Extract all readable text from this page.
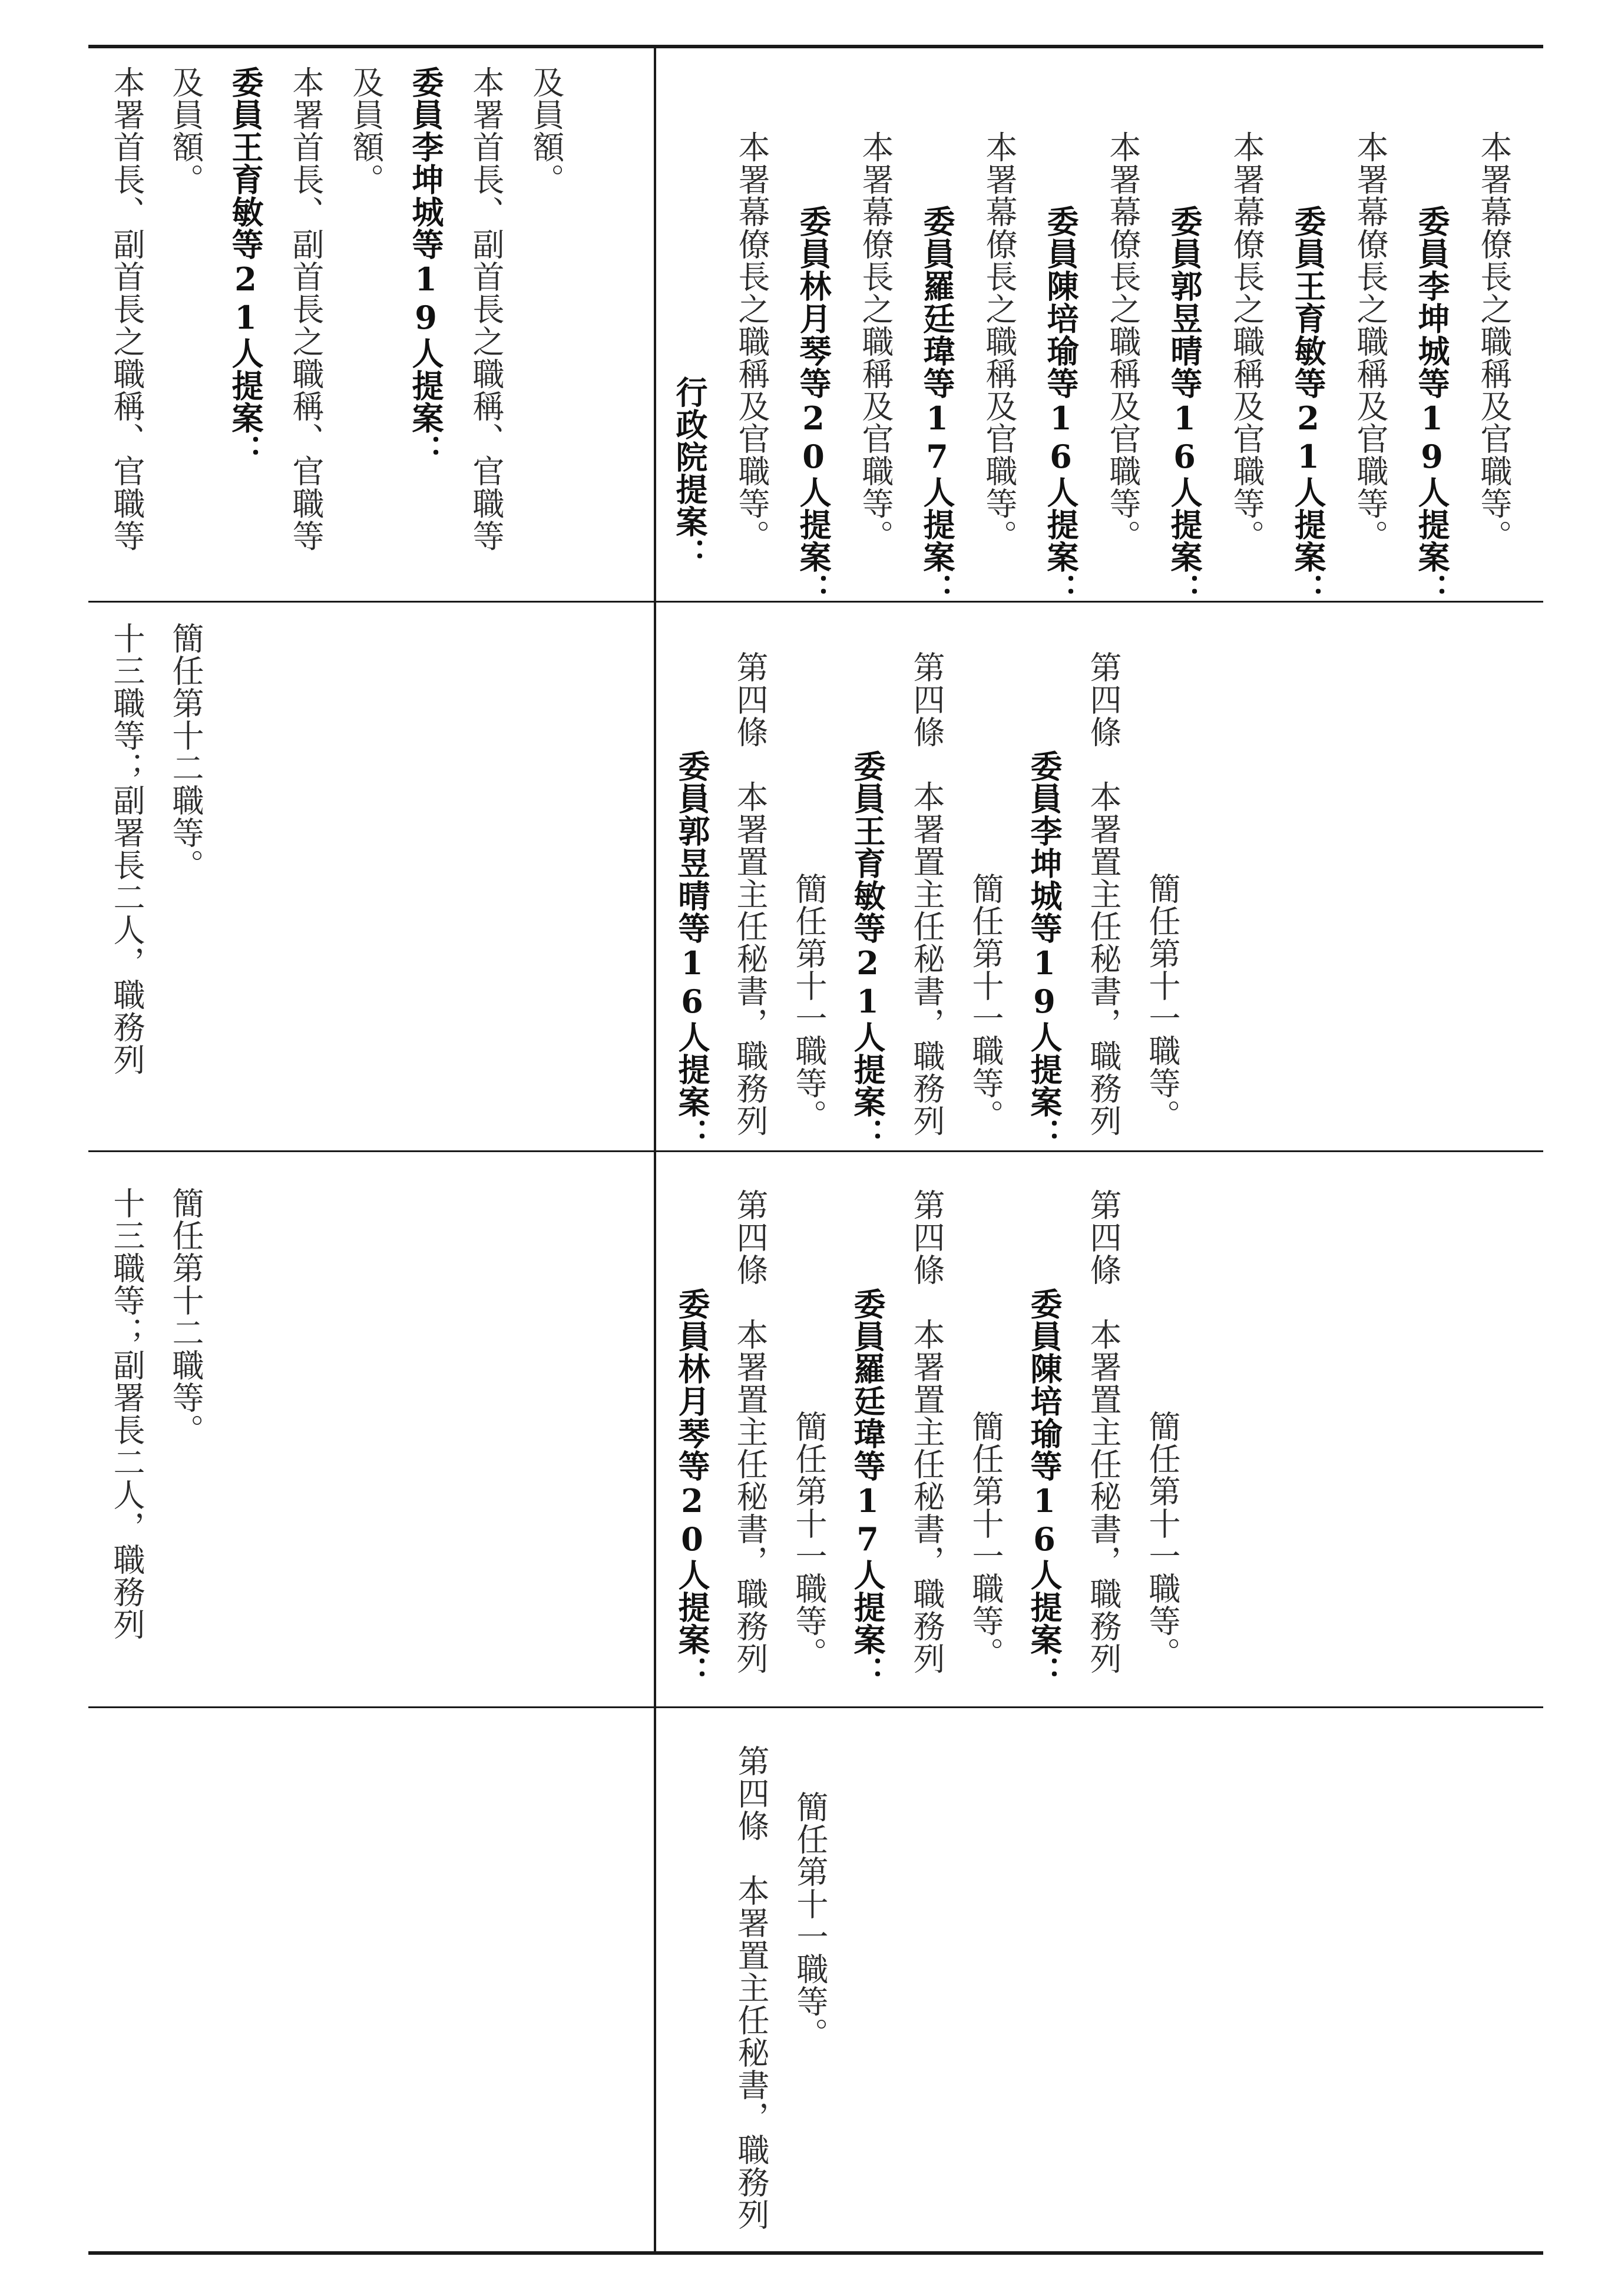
十三職等；副署長二人，職務列 簡任第十二職等。
十三職等；副署長二人，職務列 簡任第十二職等。
本署首長、副首長之職稱、官職等 及員額。 委員王育敏等21人提案： 本署首長、副首長之職稱、官職等 及員額。 委員李坤城等19人提案： 本署首長、副首長之職稱、官職等 及員額。
第四條　本署置主任秘書，職務列 簡任第十一職等。
委員林月琴等20人提案： 第四條　本署置主任秘書，職務列 簡任第十一職等。 委員羅廷瑋等17人提案： 第四條　本署置主任秘書，職務列 簡任第十一職等。 委員陳培瑜等16人提案： 第四條　本署置主任秘書，職務列 簡任第十一職等。
委員郭昱晴等16人提案： 第四條　本署置主任秘書，職務列 簡任第十一職等。 委員王育敏等21人提案： 第四條　本署置主任秘書，職務列 簡任第十一職等。 委員李坤城等19人提案： 第四條　本署置主任秘書，職務列 簡任第十一職等。
行政院提案： 本署幕僚長之職稱及官職等。 委員林月琴等20人提案： 本署幕僚長之職稱及官職等。 委員羅廷瑋等17人提案： 本署幕僚長之職稱及官職等。 委員陳培瑜等16人提案： 本署幕僚長之職稱及官職等。 委員郭昱晴等16人提案： 本署幕僚長之職稱及官職等。 委員王育敏等21人提案： 本署幕僚長之職稱及官職等。 委員李坤城等19人提案： 本署幕僚長之職稱及官職等。
